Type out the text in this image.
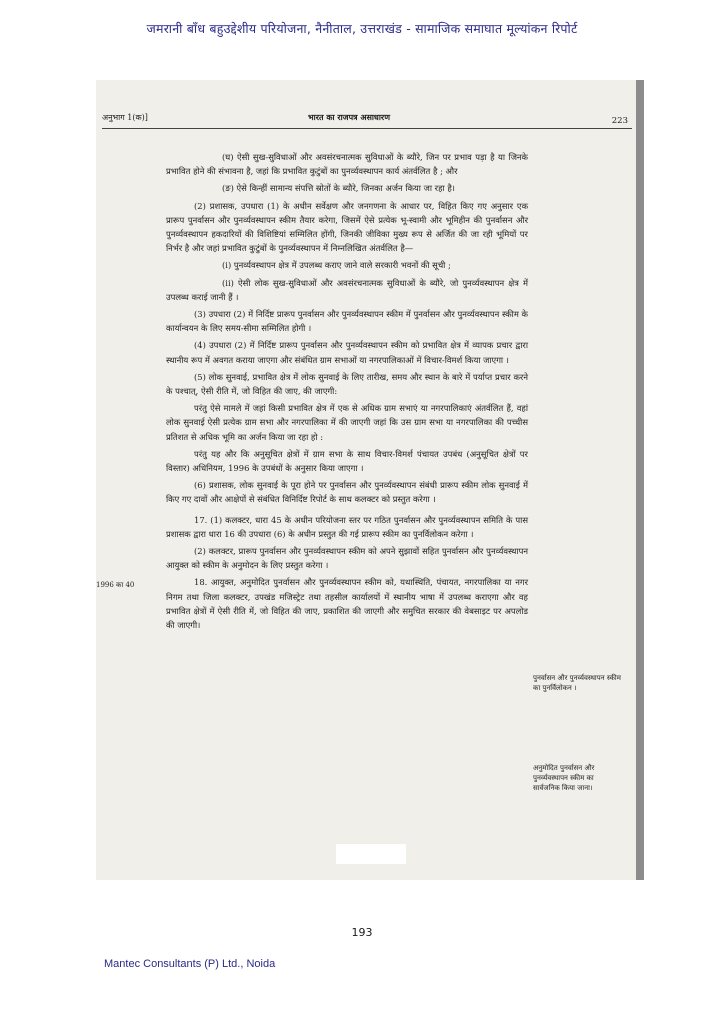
जमरानी बाँध बहुउद्देशीय परियोजना, नैनीताल, उत्तराखंड - सामाजिक समाघात मूल्यांकन रिपोर्ट
अनुभाग 1(क)]	भारत का राजपत्र असाधारण	223

(घ) ऐसी सुख-सुविधाओं और अवसंरचनात्मक सुविधाओं के ब्यौरे, जिन पर प्रभाव पड़ा है या जिनके प्रभावित होने की संभावना है, जहां कि प्रभावित कुटुंबों का पुनर्व्यवस्थापन कार्य अंतर्वलित है ; और

(ङ) ऐसे किन्हीं सामान्य संपत्ति स्रोतों के ब्यौरे, जिनका अर्जन किया जा रहा है।

(2) प्रशासक, उपधारा (1) के अधीन सर्वेक्षण और जनगणना के आधार पर, विहित किए गए अनुसार एक प्रारूप पुनर्वासन और पुनर्व्यवस्थापन स्कीम तैयार करेगा, जिसमें ऐसे प्रत्येक भू-स्वामी और भूमिहीन की पुनर्वासन और पुनर्व्यवस्थापन हकदारियों की विशिष्टियां सम्मिलित होंगी, जिनकी जीविका मुख्य रूप से अर्जित की जा रही भूमियों पर निर्भर है और जहां प्रभावित कुटुंबों के पुनर्व्यवस्थापन में निम्नलिखित अंतर्वलित है—

(i) पुनर्व्यवस्थापन क्षेत्र में उपलब्ध कराए जाने वाले सरकारी भवनों की सूची ;

(ii) ऐसी लोक सुख-सुविधाओं और अवसंरचनात्मक सुविधाओं के ब्यौरे, जो पुनर्व्यवस्थापन क्षेत्र में उपलब्ध कराई जानी हैं ।

(3) उपधारा (2) में निर्दिष्ट प्रारूप पुनर्वासन और पुनर्व्यवस्थापन स्कीम में पुनर्वासन और पुनर्व्यवस्थापन स्कीम के कार्यान्वयन के लिए समय-सीमा सम्मिलित होगी ।

(4) उपधारा (2) में निर्दिष्ट प्रारूप पुनर्वासन और पुनर्व्यवस्थापन स्कीम को प्रभावित क्षेत्र में व्यापक प्रचार द्वारा स्थानीय रूप में अवगत कराया जाएगा और संबंधित ग्राम सभाओं या नगरपालिकाओं में विचार-विमर्श किया जाएगा ।

(5) लोक सुनवाई, प्रभावित क्षेत्र में लोक सुनवाई के लिए तारीख, समय और स्थान के बारे में पर्याप्त प्रचार करने के पश्चात्, ऐसी रीति में, जो विहित की जाए, की जाएगी:

परंतु ऐसे मामले में जहां किसी प्रभावित क्षेत्र में एक से अधिक ग्राम सभाएं या नगरपालिकाएं अंतर्वलित हैं, वहां लोक सुनवाई ऐसी प्रत्येक ग्राम सभा और नगरपालिका में की जाएगी जहां कि उस ग्राम सभा या नगरपालिका की पच्चीस प्रतिशत से अधिक भूमि का अर्जन किया जा रहा हो :

परंतु यह और कि अनुसूचित क्षेत्रों में ग्राम सभा के साथ विचार-विमर्श पंचायत उपबंध (अनुसूचित क्षेत्रों पर विस्तार) अधिनियम, 1996 के उपबंधों के अनुसार किया जाएगा ।

(6) प्रशासक, लोक सुनवाई के पूरा होने पर पुनर्वासन और पुनर्व्यवस्थापन संबंधी प्रारूप स्कीम लोक सुनवाई में किए गए दावों और आक्षेपों से संबंधित विनिर्दिष्ट रिपोर्ट के साथ कलक्टर को प्रस्तुत करेगा ।

17. (1) कलक्टर, धारा 45 के अधीन परियोजना स्तर पर गठित पुनर्वासन और पुनर्व्यवस्थापन समिति के पास प्रशासक द्वारा धारा 16 की उपधारा (6) के अधीन प्रस्तुत की गई प्रारूप स्कीम का पुनर्विलोकन करेगा ।

(2) कलक्टर, प्रारूप पुनर्वासन और पुनर्व्यवस्थापन स्कीम को अपने सुझावों सहित पुनर्वासन और पुनर्व्यवस्थापन आयुक्त को स्कीम के अनुमोदन के लिए प्रस्तुत करेगा ।

18. आयुक्त, अनुमोदित पुनर्वासन और पुनर्व्यवस्थापन स्कीम को, यथास्थिति, पंचायत, नगरपालिका या नगर निगम तथा जिला कलक्टर, उपखंड मजिस्ट्रेट तथा तहसील कार्यालयों में स्थानीय भाषा में उपलब्ध कराएगा और वह प्रभावित क्षेत्रों में ऐसी रीति में, जो विहित की जाए, प्रकाशित की जाएगी और समुचित सरकार की वेबसाइट पर अपलोड की जाएगी।

1996 का 40
पुनर्वासन और पुनर्व्यवस्थापन स्कीम का पुनर्विलोकन ।
अनुमोदित पुनर्वासन और पुनर्व्यवस्थापन स्कीम का सार्वजनिक किया जाना।
193
Mantec Consultants (P) Ltd., Noida
